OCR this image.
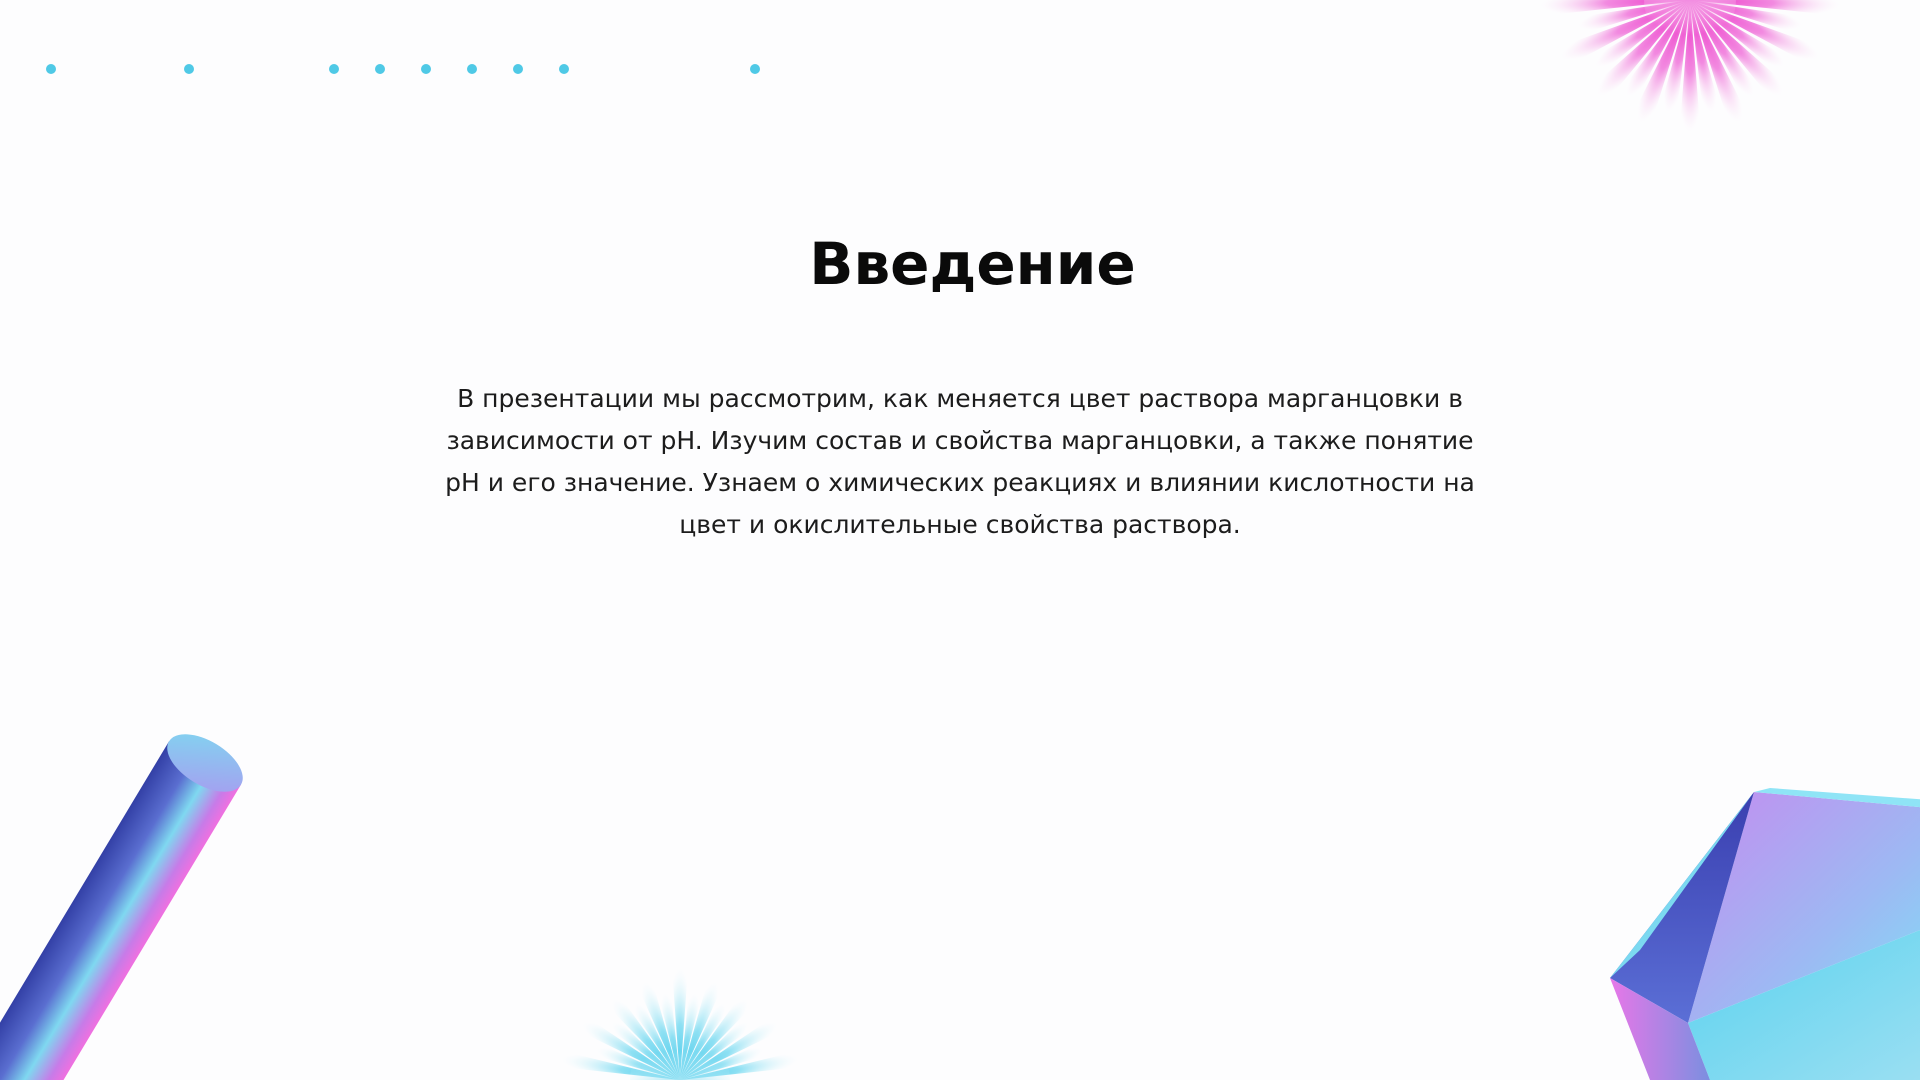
Введение
В презентации мы рассмотрим, как меняется цвет раствора марганцовки в зависимости от pH. Изучим состав и свойства марганцовки, а также понятие pH и его значение. Узнаем о химических реакциях и влиянии кислотности на цвет и окислительные свойства раствора.
